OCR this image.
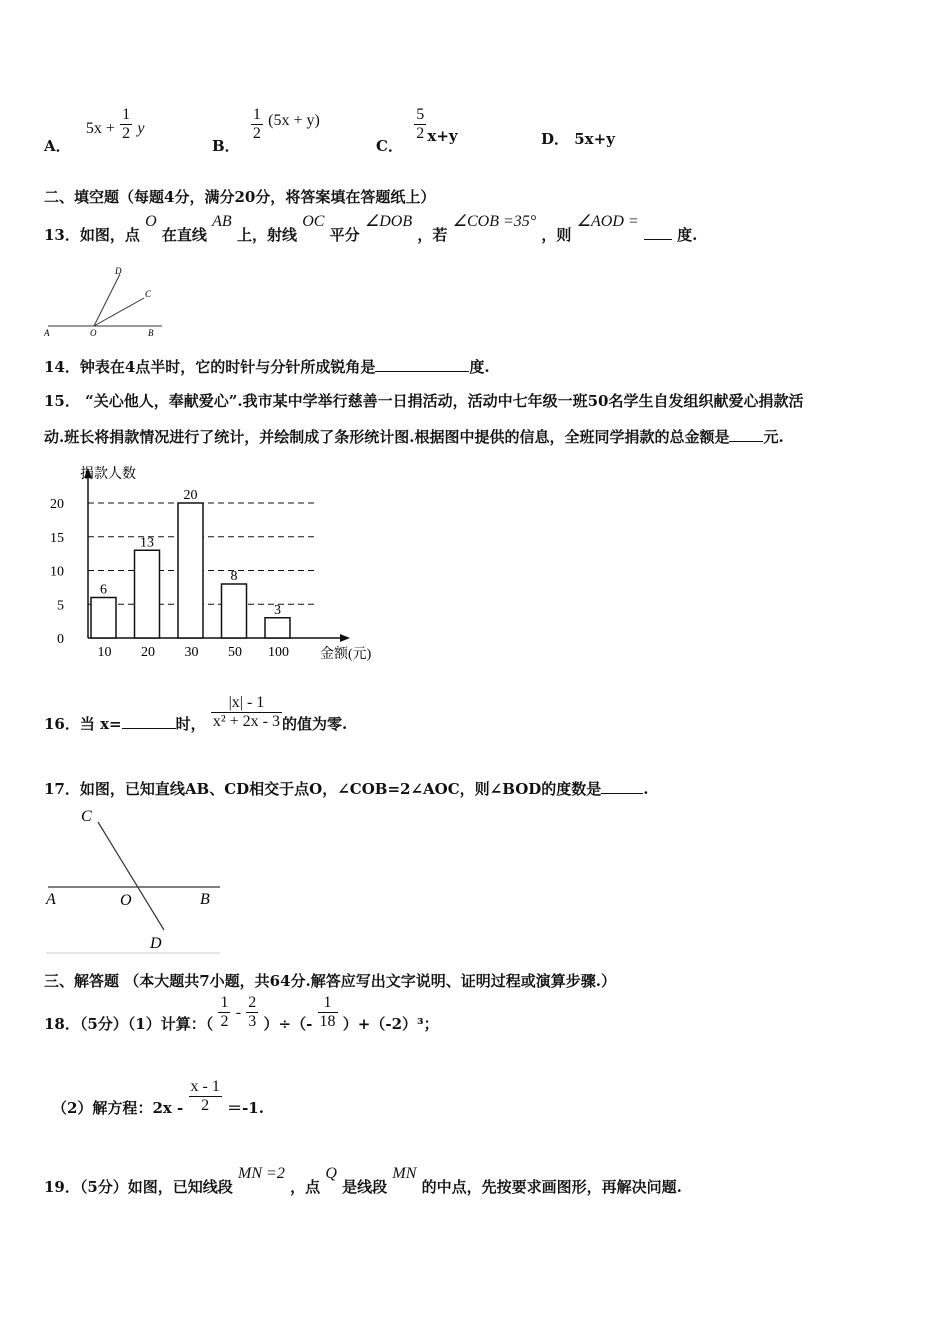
A． $5x + \frac{1}{2}$ y
B．
$\frac{1}{2} (5x + y)$
C．
$\frac{5}{2} x+y$	D． 5x+y
二、填空题（每题4分，满分20分，将答案填在答题纸上）
13．如图，点 O 在直线 AB 上，射线 OC 平分 ∠DOB ，若 ∠COB =35° ，则 ∠AOD =  度.
D
C
A	O	B
14．钟表在4点半时，它的时针与分针所成锐角是	度.
15． “关心他人，奉献爱心”.我市某中学举行慈善一日捐活动，活动中七年级一班50名学生自发组织献爱心捐款活
动.班长将捐款情况进行了统计，并绘制成了条形统计图.根据图中提供的信息，全班同学捐款的总金额是 元.
0
5
10
15
20
捐款人数
6
10
13
20
20
30
8
50
3
100 金额(元)
16．当 x=	时， $\frac{|x| - 1}{\text{x² + 2x - 3}}$ 的值为零.
17．如图，已知直线AB、CD相交于点O，∠COB=2∠AOC，则∠BOD的度数是	.
C
A	O	B
D
三、解答题 （本大题共7小题，共64分.解答应写出文字说明、证明过程或演算步骤.）
18．（5分）（1）计算：（ $\frac{1}{2} - \frac{2}{3}$ ）÷（- $\frac{1}{18} )+(-2)^3$；
（2）解方程：$2x - \frac{x - 1}{2} =-1$.
19．（5分）如图，已知线段 MN =2 ，点 Q 是线段 MN 的中点，先按要求画图形，再解决问题.
